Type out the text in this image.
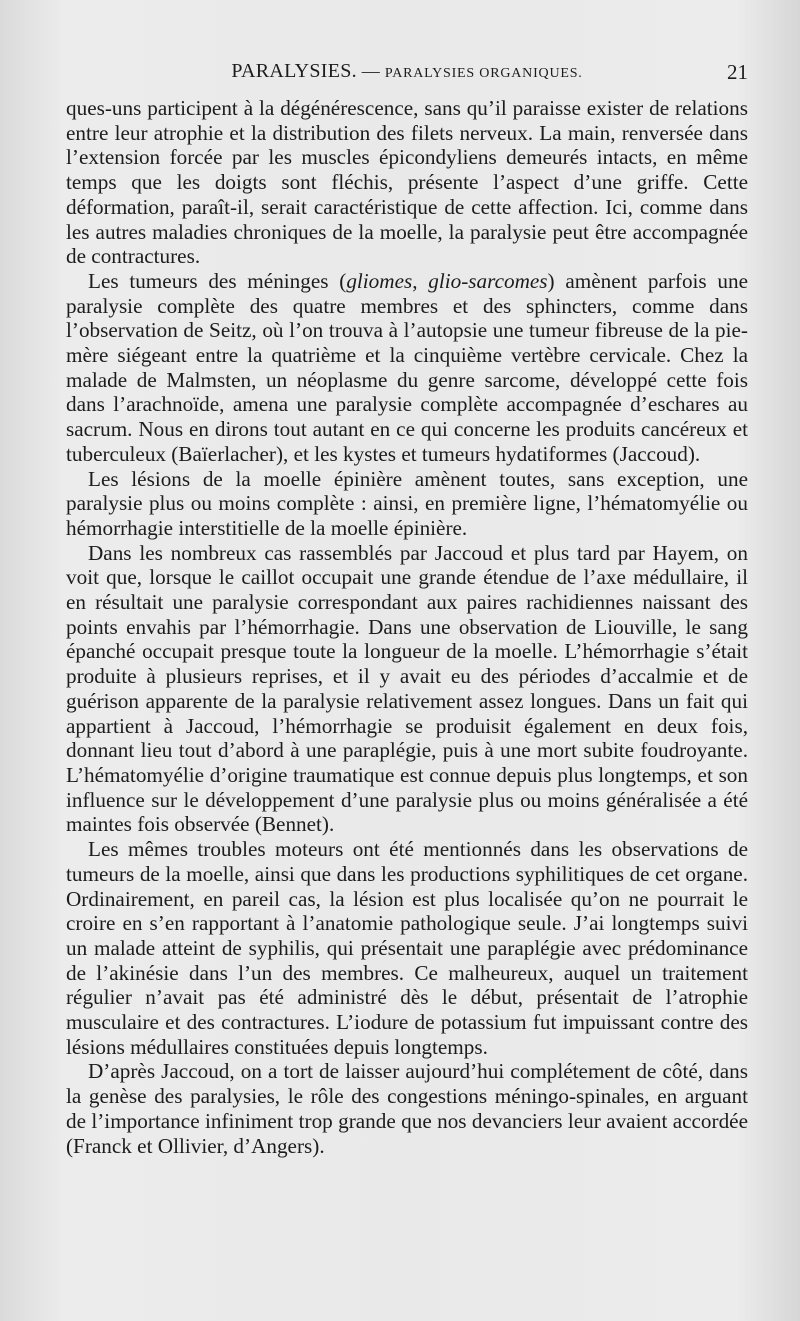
PARALYSIES. — PARALYSIES ORGANIQUES.	21

ques-uns participent à la dégénérescence, sans qu’il paraisse exister de relations entre leur atrophie et la distribution des filets nerveux. La main, renversée dans l’extension forcée par les muscles épicondyliens demeurés intacts, en même temps que les doigts sont fléchis, présente l’aspect d’une griffe. Cette déformation, paraît-il, serait caractéristique de cette affection. Ici, comme dans les autres maladies chroniques de la moelle, la paralysie peut être accompagnée de contractures.

Les tumeurs des méninges (gliomes, glio-sarcomes) amènent parfois une paralysie complète des quatre membres et des sphincters, comme dans l’observation de Seitz, où l’on trouva à l’autopsie une tumeur fibreuse de la pie-mère siégeant entre la quatrième et la cinquième vertèbre cervicale. Chez la malade de Malmsten, un néoplasme du genre sarcome, développé cette fois dans l’arachnoïde, amena une paralysie complète accompagnée d’eschares au sacrum. Nous en dirons tout autant en ce qui concerne les produits cancéreux et tuberculeux (Baïerlacher), et les kystes et tumeurs hydatiformes (Jaccoud).

Les lésions de la moelle épinière amènent toutes, sans exception, une paralysie plus ou moins complète : ainsi, en première ligne, l’hématomyélie ou hémorrhagie interstitielle de la moelle épinière.

Dans les nombreux cas rassemblés par Jaccoud et plus tard par Hayem, on voit que, lorsque le caillot occupait une grande étendue de l’axe médullaire, il en résultait une paralysie correspondant aux paires rachidiennes naissant des points envahis par l’hémorrhagie. Dans une observation de Liouville, le sang épanché occupait presque toute la longueur de la moelle. L’hémorrhagie s’était produite à plusieurs reprises, et il y avait eu des périodes d’accalmie et de guérison apparente de la paralysie relativement assez longues. Dans un fait qui appartient à Jaccoud, l’hémorrhagie se produisit également en deux fois, donnant lieu tout d’abord à une paraplégie, puis à une mort subite foudroyante. L’hématomyélie d’origine traumatique est connue depuis plus longtemps, et son influence sur le développement d’une paralysie plus ou moins généralisée a été maintes fois observée (Bennet).

Les mêmes troubles moteurs ont été mentionnés dans les observations de tumeurs de la moelle, ainsi que dans les productions syphilitiques de cet organe. Ordinairement, en pareil cas, la lésion est plus localisée qu’on ne pourrait le croire en s’en rapportant à l’anatomie pathologique seule. J’ai longtemps suivi un malade atteint de syphilis, qui présentait une paraplégie avec prédominance de l’akinésie dans l’un des membres. Ce malheureux, auquel un traitement régulier n’avait pas été administré dès le début, présentait de l’atrophie musculaire et des contractures. L’iodure de potassium fut impuissant contre des lésions médullaires constituées depuis longtemps.

D’après Jaccoud, on a tort de laisser aujourd’hui complétement de côté, dans la genèse des paralysies, le rôle des congestions méningo-spinales, en arguant de l’importance infiniment trop grande que nos devanciers leur avaient accordée (Franck et Ollivier, d’Angers).
